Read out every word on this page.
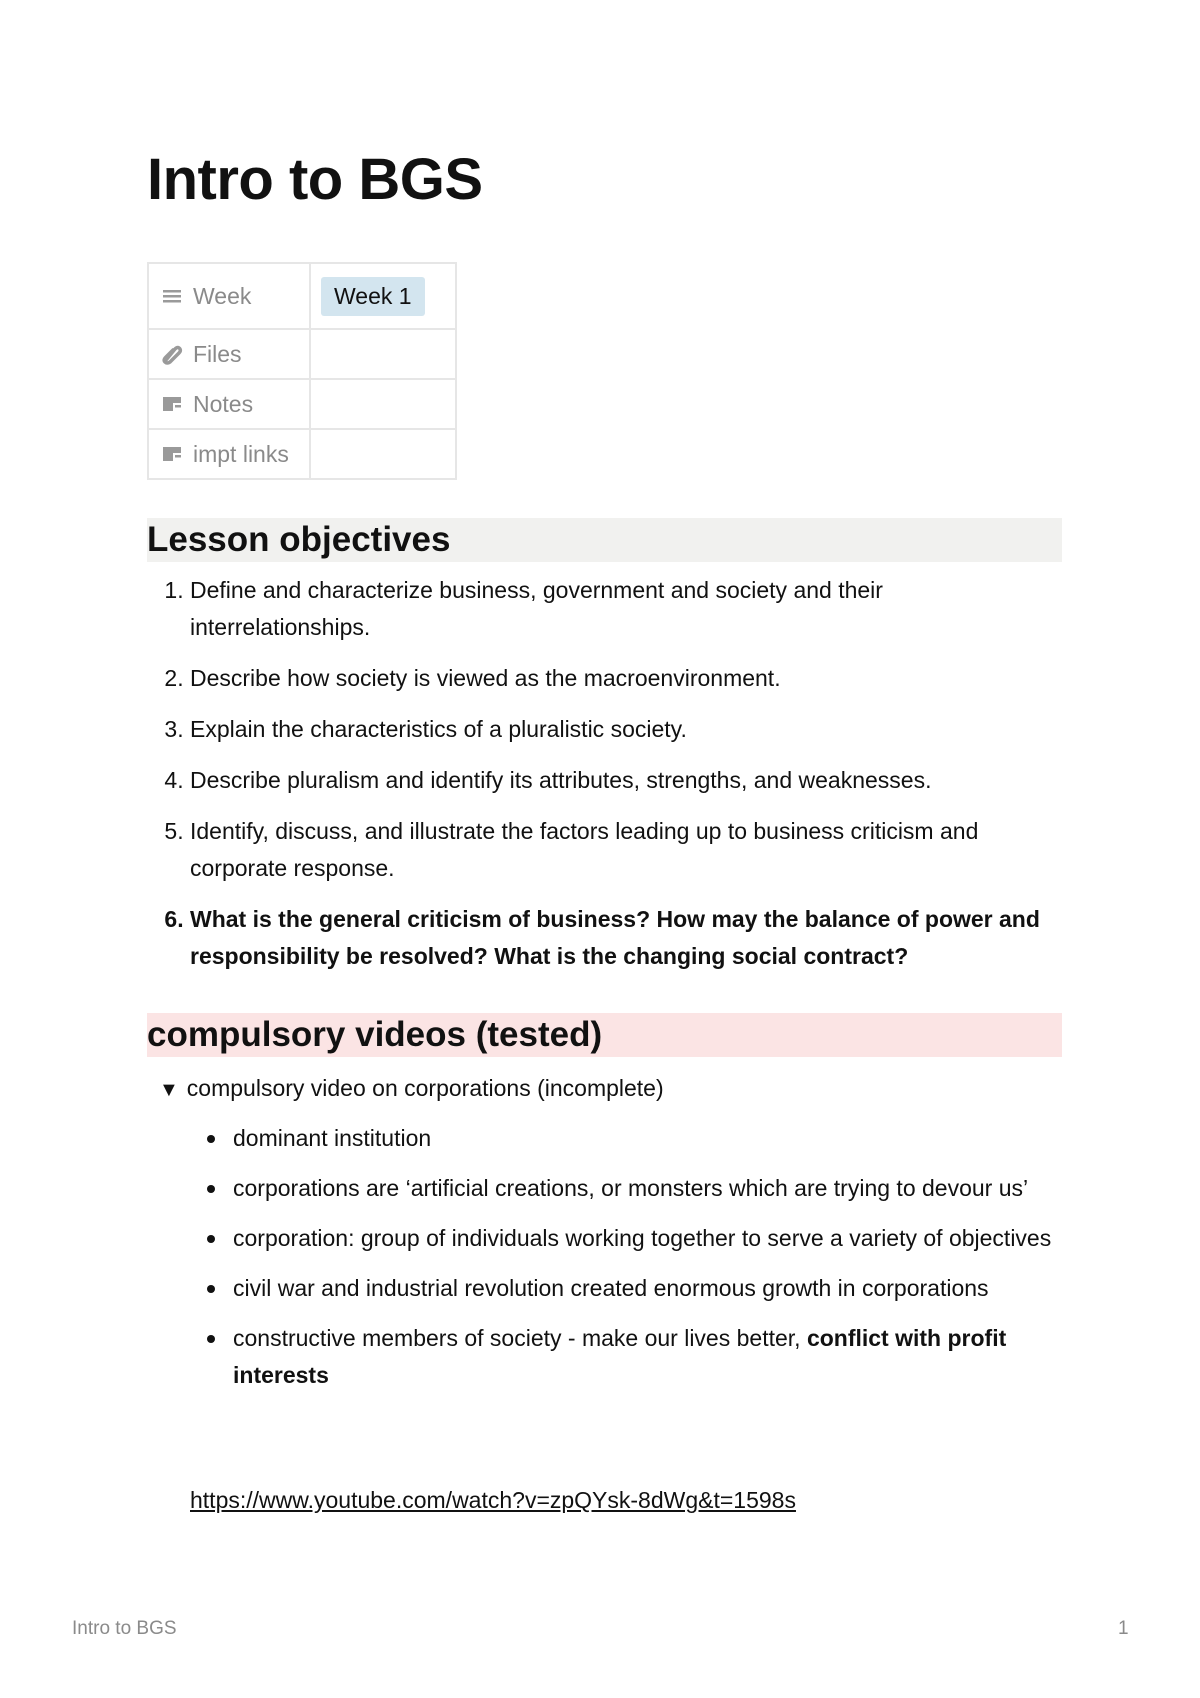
Intro to BGS
Week	Week 1
Files	
Notes	
impt links	
Lesson objectives
1. Define and characterize business, government and society and their interrelationships.
2. Describe how society is viewed as the macroenvironment.
3. Explain the characteristics of a pluralistic society.
4. Describe pluralism and identify its attributes, strengths, and weaknesses.
5. Identify, discuss, and illustrate the factors leading up to business criticism and corporate response.
6. What is the general criticism of business? How may the balance of power and responsibility be resolved? What is the changing social contract?
compulsory videos (tested)
▼ compulsory video on corporations (incomplete)
dominant institution
corporations are ‘artificial creations, or monsters which are trying to devour us’
corporation: group of individuals working together to serve a variety of objectives
civil war and industrial revolution created enormous growth in corporations
constructive members of society - make our lives better, conflict with profit interests
https://www.youtube.com/watch?v=zpQYsk-8dWg&t=1598s
Intro to BGS	1
